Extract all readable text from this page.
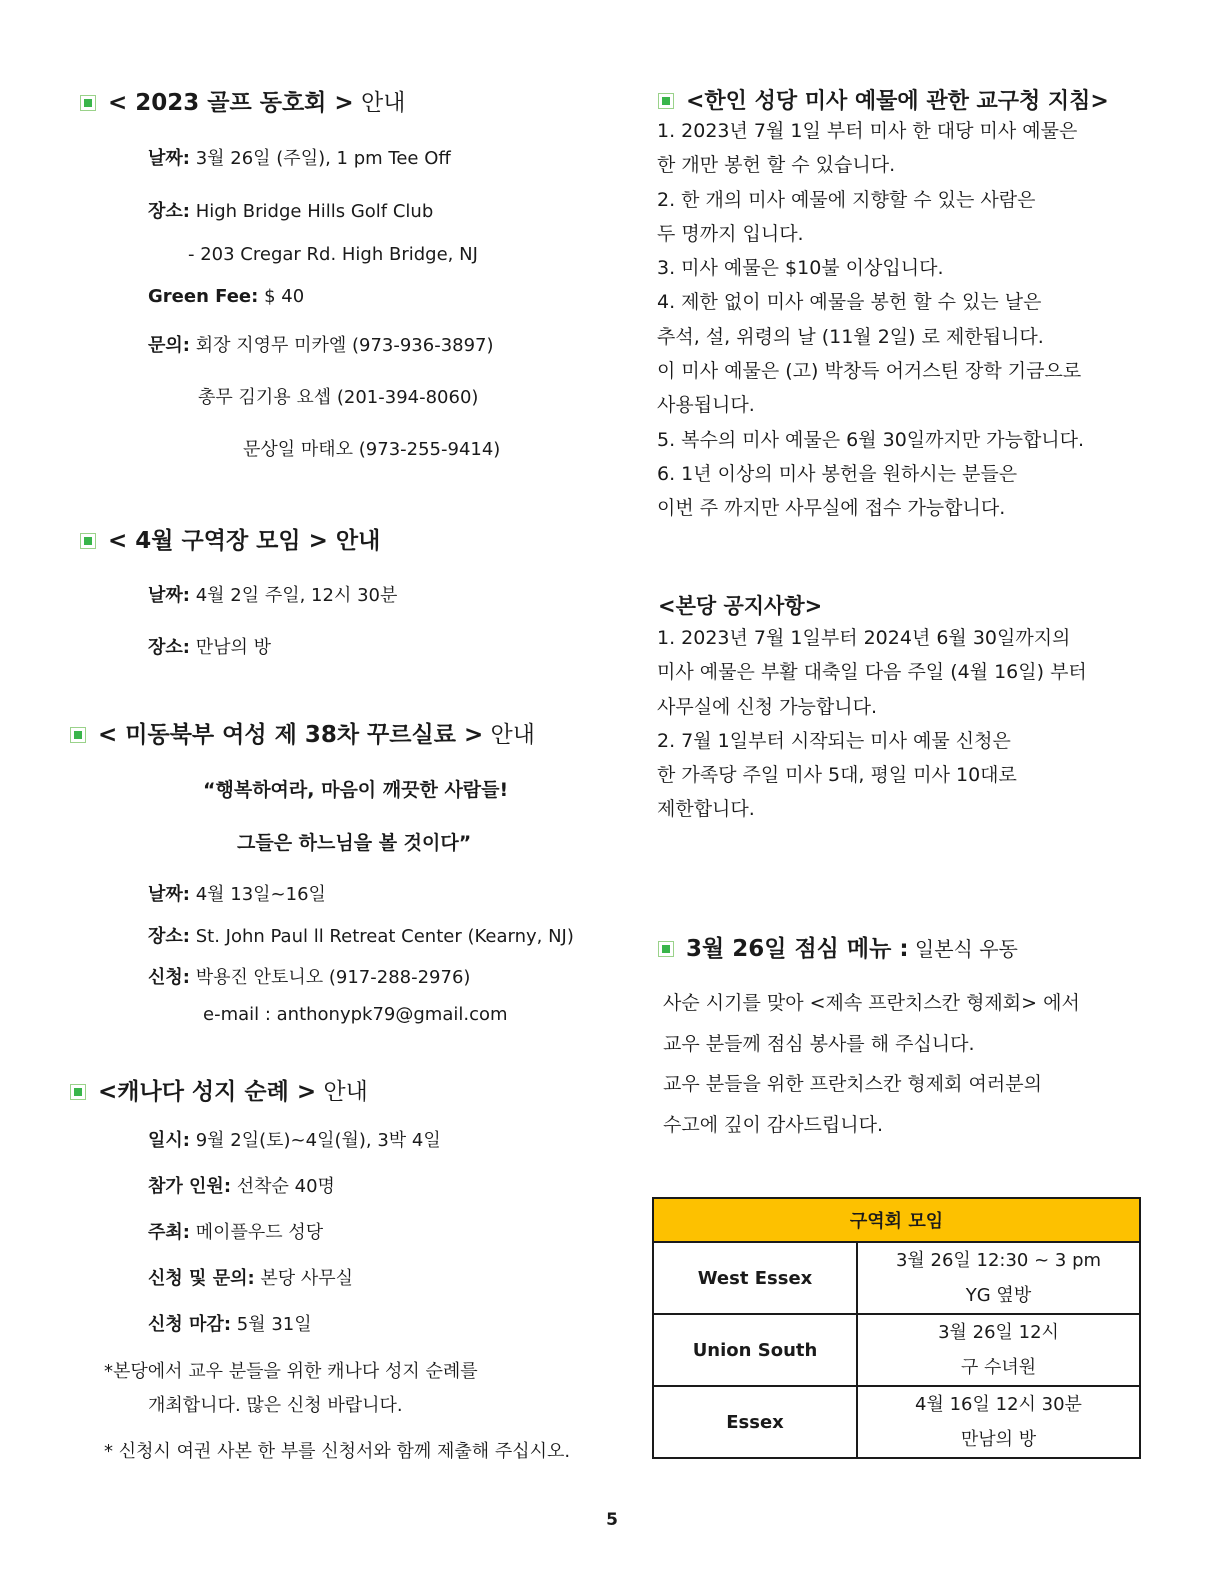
< 2023 골프 동호회 > 안내
날짜: 3월 26일 (주일), 1 pm Tee Off
장소: High Bridge Hills Golf Club
- 203 Cregar Rd. High Bridge, NJ
Green Fee: $ 40
문의: 회장 지영무 미카엘 (973-936-3897)
총무 김기용 요셉 (201-394-8060)
문상일 마태오 (973-255-9414)
< 4월 구역장 모임 > 안내
날짜: 4월 2일 주일, 12시 30분
장소: 만남의 방
< 미동북부 여성 제 38차 꾸르실료 > 안내
“행복하여라, 마음이 깨끗한 사람들!
그들은 하느님을 볼 것이다”
날짜: 4월 13일~16일
장소: St. John Paul ll Retreat Center (Kearny, NJ)
신청: 박용진 안토니오 (917-288-2976)
e-mail : anthonypk79@gmail.com
<캐나다 성지 순례 > 안내
일시: 9월 2일(토)~4일(월), 3박 4일
참가 인원: 선착순 40명
주최: 메이플우드 성당
신청 및 문의: 본당 사무실
신청 마감: 5월 31일
*본당에서 교우 분들을 위한 캐나다 성지 순례를
개최합니다. 많은 신청 바랍니다.
* 신청시 여권 사본 한 부를 신청서와 함께 제출해 주십시오.
<한인 성당 미사 예물에 관한 교구청 지침>
1. 2023년 7월 1일 부터 미사 한 대당 미사 예물은
한 개만 봉헌 할 수 있습니다.
2. 한 개의 미사 예물에 지향할 수 있는 사람은
두 명까지 입니다.
3. 미사 예물은 $10불 이상입니다.
4. 제한 없이 미사 예물을 봉헌 할 수 있는 날은
추석, 설, 위령의 날 (11월 2일) 로 제한됩니다.
이 미사 예물은 (고) 박창득 어거스틴 장학 기금으로
사용됩니다.
5. 복수의 미사 예물은 6월 30일까지만 가능합니다.
6. 1년 이상의 미사 봉헌을 원하시는 분들은
이번 주 까지만 사무실에 접수 가능합니다.
<본당 공지사항>
1. 2023년 7월 1일부터 2024년 6월 30일까지의
미사 예물은 부활 대축일 다음 주일 (4월 16일) 부터
사무실에 신청 가능합니다.
2. 7월 1일부터 시작되는 미사 예물 신청은
한 가족당 주일 미사 5대, 평일 미사 10대로
제한합니다.
3월 26일 점심 메뉴 : 일본식 우동
사순 시기를 맞아 <제속 프란치스칸 형제회> 에서
교우 분들께 점심 봉사를 해 주십니다.
교우 분들을 위한 프란치스칸 형제회 여러분의
수고에 깊이 감사드립니다.
구역회 모임	
West Essex	3월 26일 12:30 ~ 3 pm
YG 옆방

Union South	3월 26일 12시
구 수녀원

Essex	4월 16일 12시 30분
만남의 방
5
